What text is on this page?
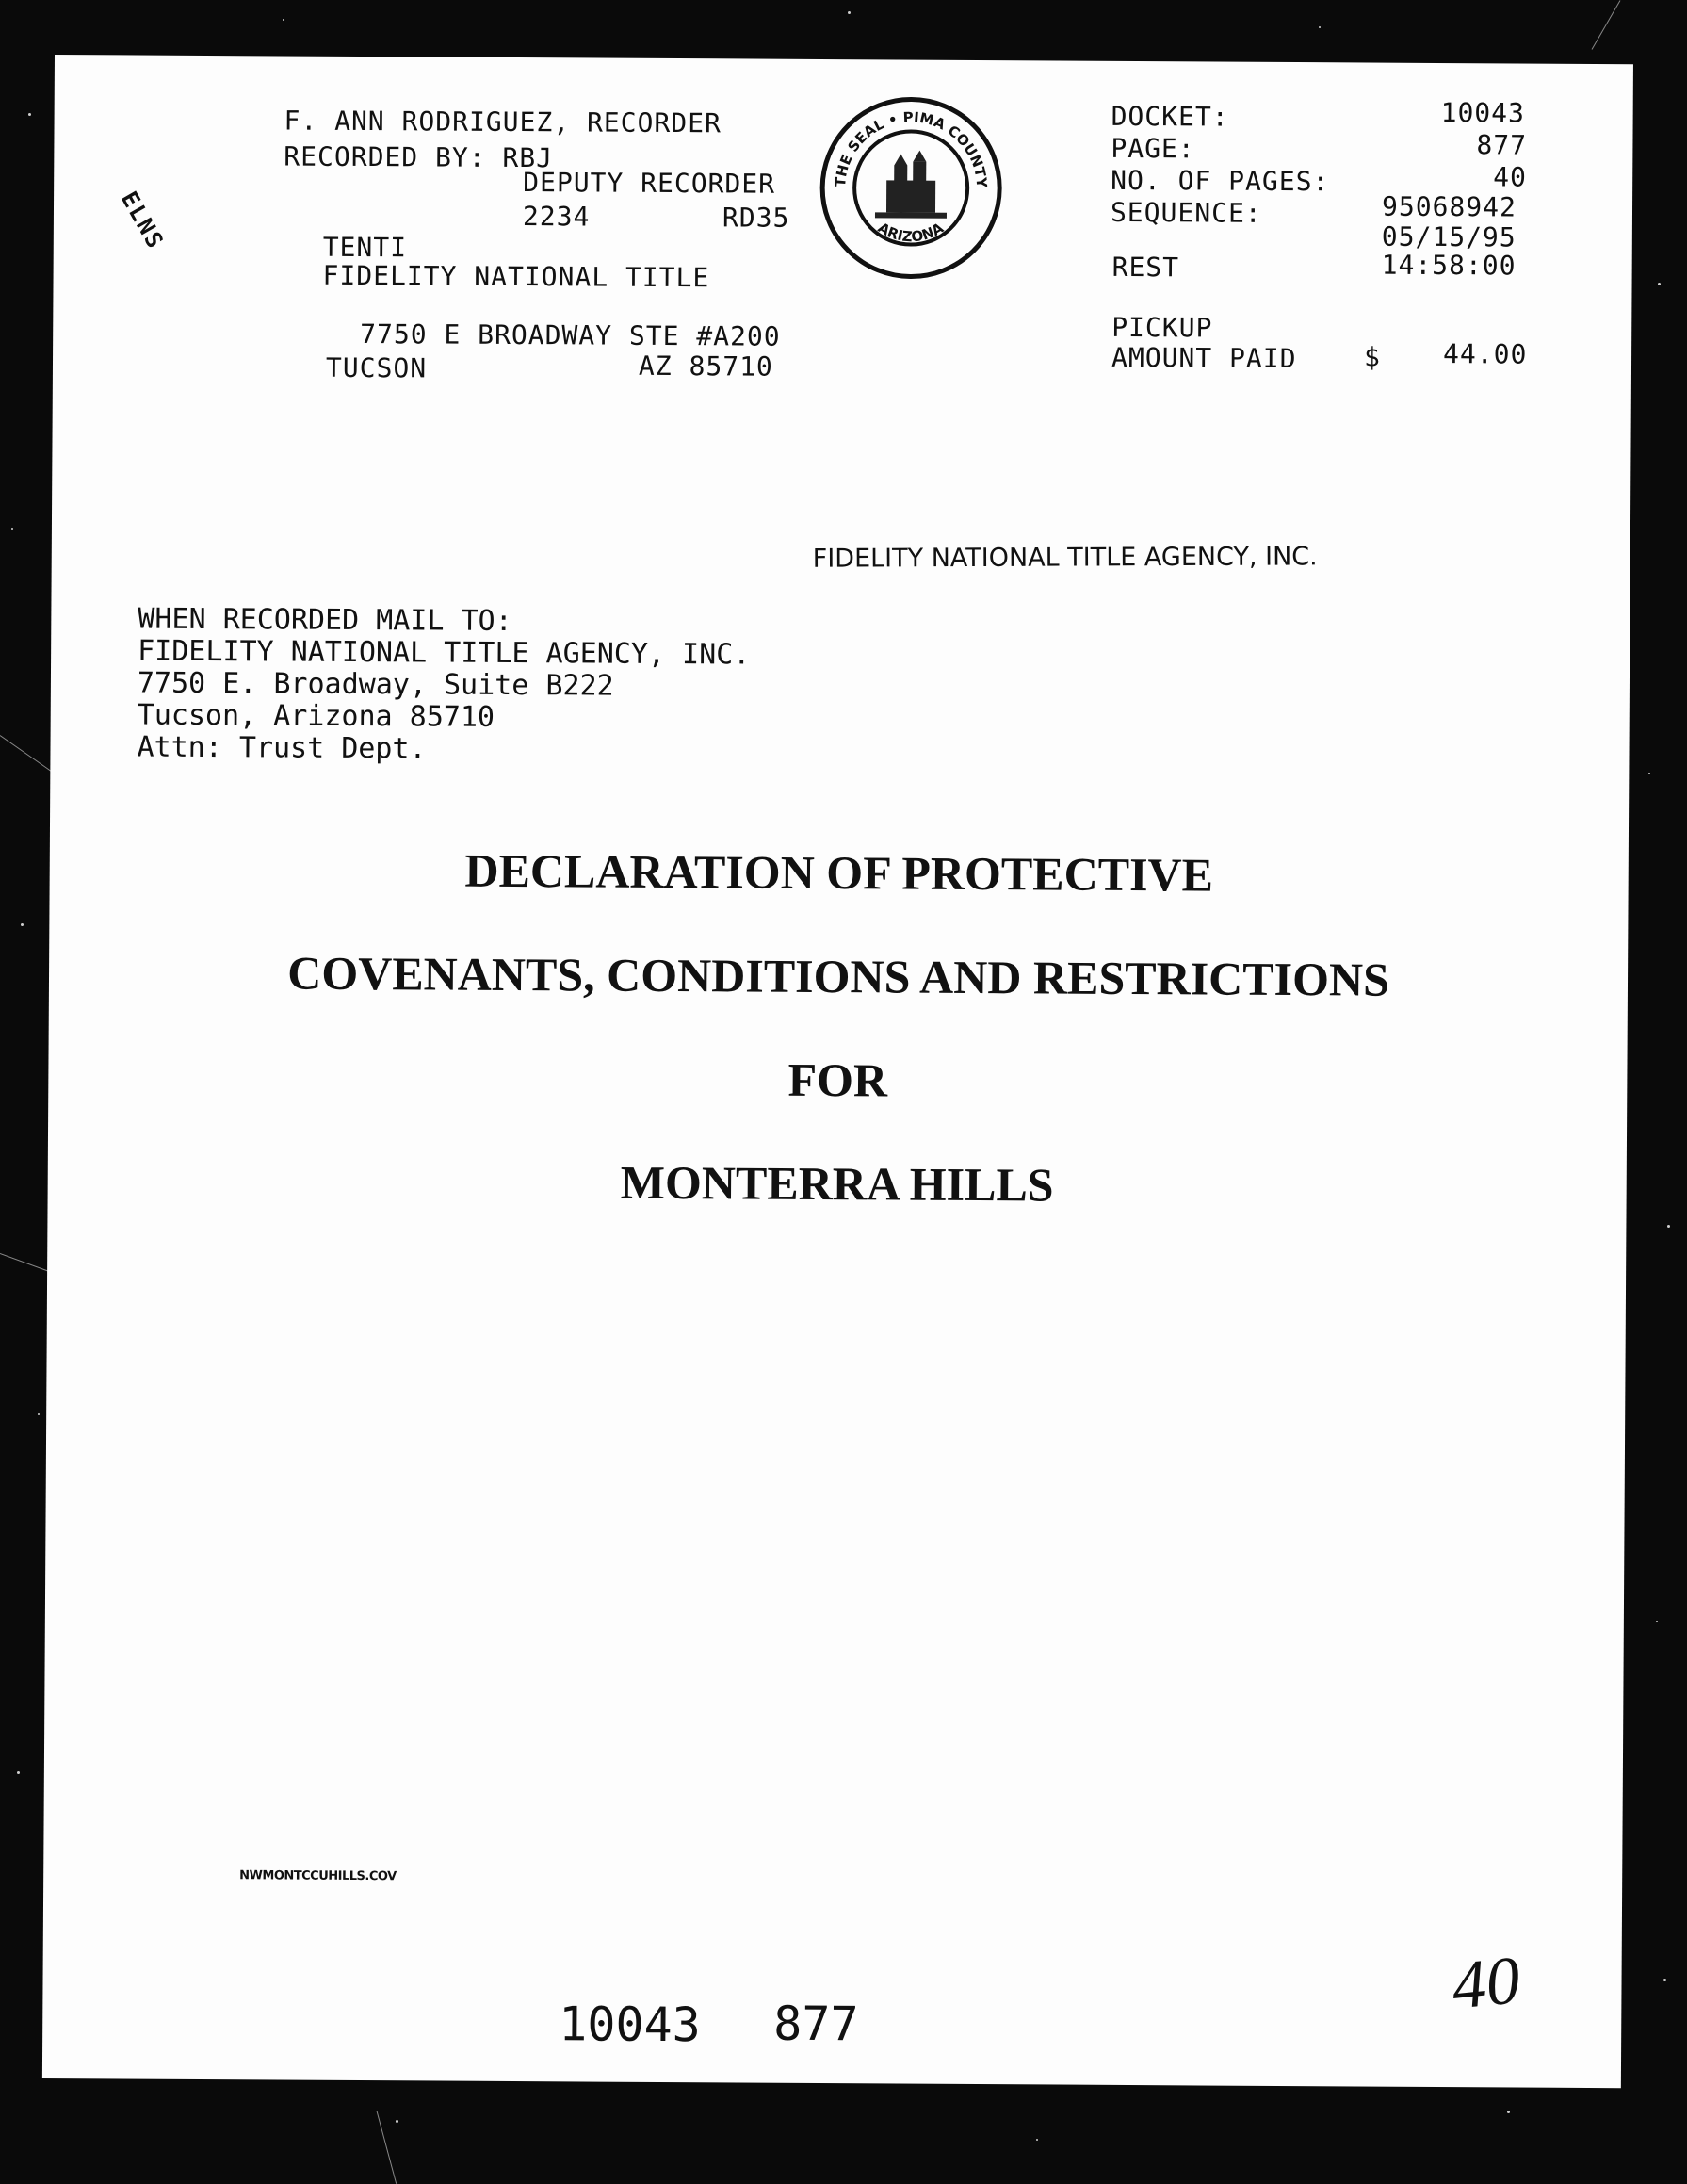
F. ANN RODRIGUEZ, RECORDER
RECORDED BY: RBJ
DEPUTY RECORDER
2234	RD35
TENTI
FIDELITY NATIONAL TITLE
7750 E BROADWAY STE #A200
TUCSON	AZ 85710
ELNS
THE SEAL • PIMA COUNTY
ARIZONA
DOCKET:	10043
PAGE:	877
NO. OF PAGES:	40
SEQUENCE:	95068942
05/15/95
REST	14:58:00
PICKUP
AMOUNT PAID	$ 44.00
FIDELITY NATIONAL TITLE AGENCY, INC.
WHEN RECORDED MAIL TO:
FIDELITY NATIONAL TITLE AGENCY, INC.
7750 E. Broadway, Suite B222
Tucson, Arizona 85710
Attn: Trust Dept.
DECLARATION OF PROTECTIVE
COVENANTS, CONDITIONS AND RESTRICTIONS
FOR
MONTERRA HILLS
NWMONTCCUHILLS.COV
10043 877
40
